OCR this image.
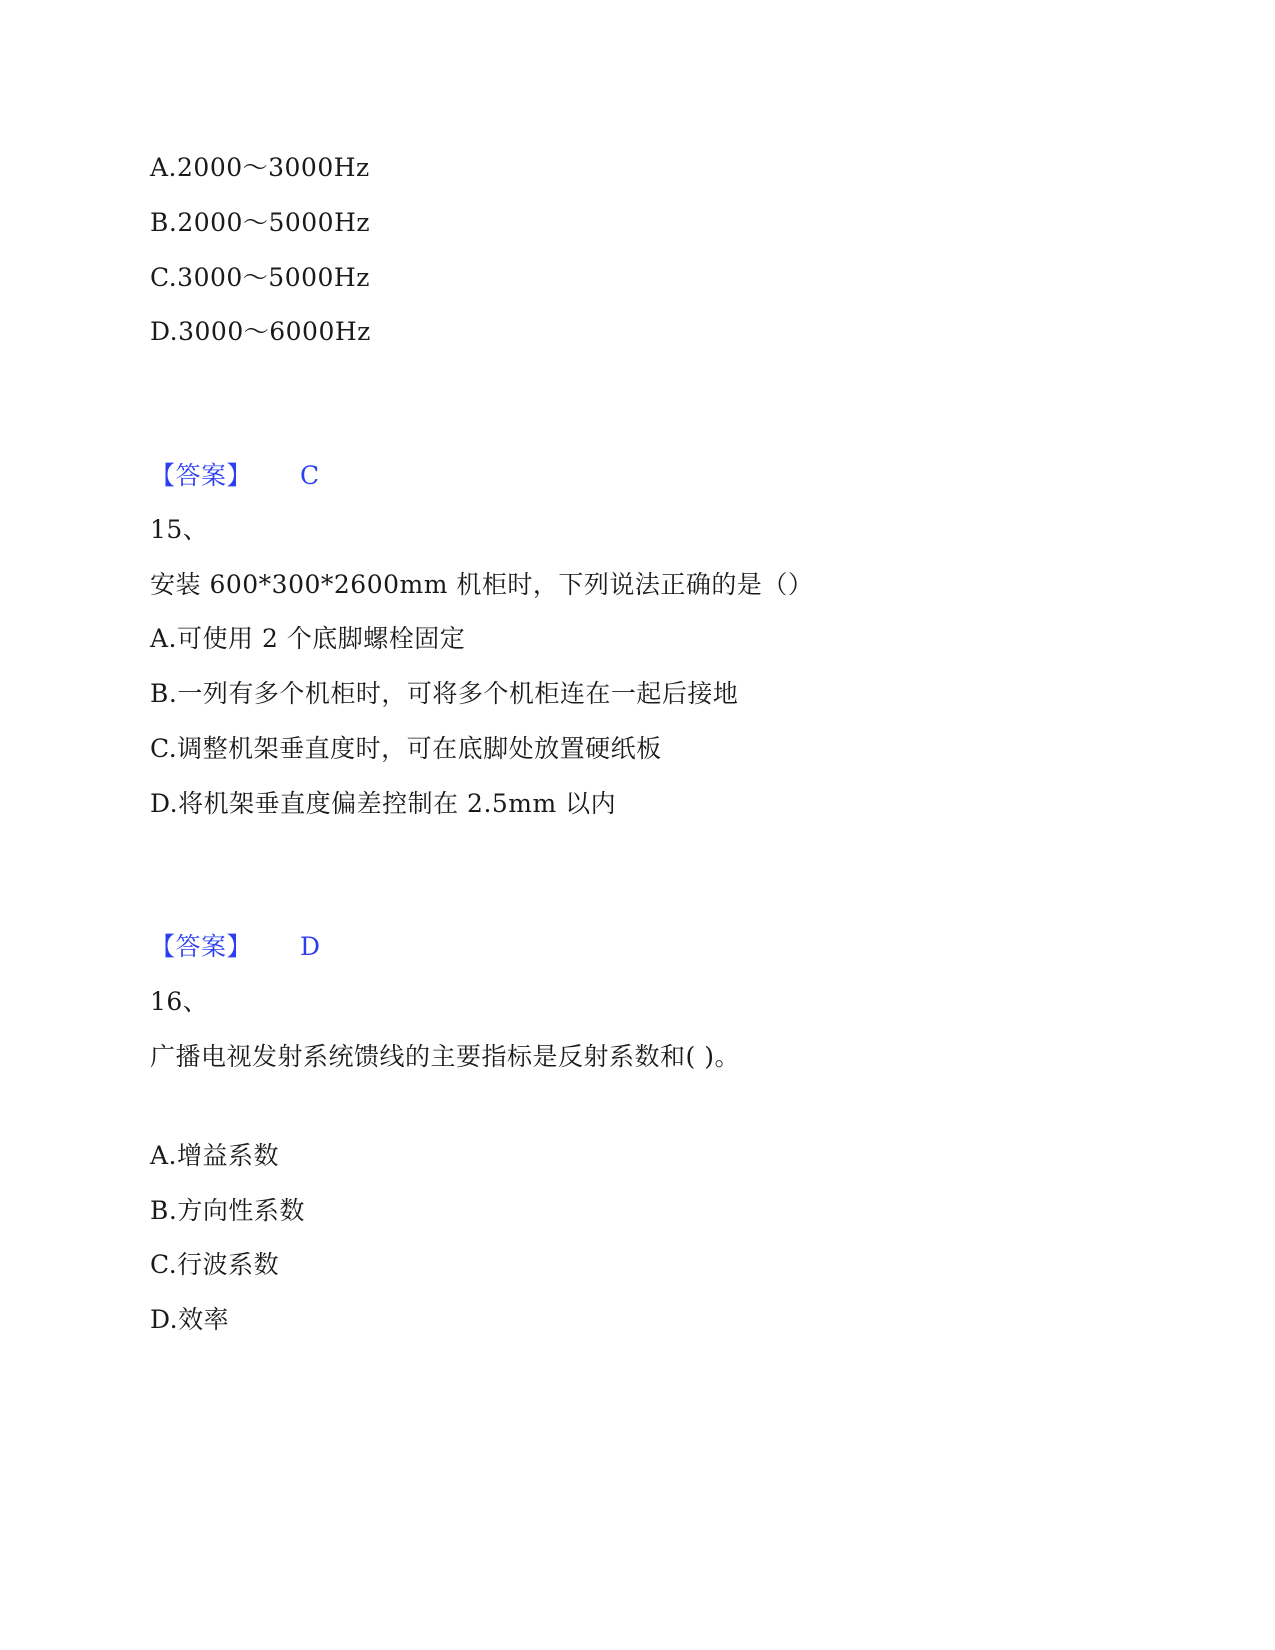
A.2000～3000Hz
B.2000～5000Hz
C.3000～5000Hz
D.3000～6000Hz
【答案】 C
15、
安装 600*300*2600mm 机柜时，下列说法正确的是（）
A.可使用 2 个底脚螺栓固定
B.一列有多个机柜时，可将多个机柜连在一起后接地
C.调整机架垂直度时，可在底脚处放置硬纸板
D.将机架垂直度偏差控制在 2.5mm 以内
【答案】 D
16、
广播电视发射系统馈线的主要指标是反射系数和( )。
A.增益系数
B.方向性系数
C.行波系数
D.效率
